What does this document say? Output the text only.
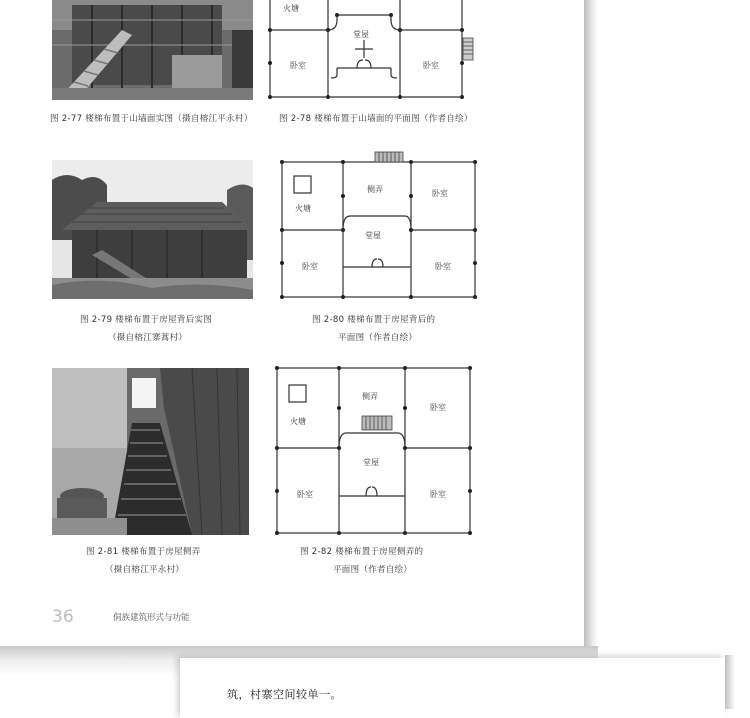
火塘
堂屋
卧室	卧室
图 2-77 楼梯布置于山墙面实图（摄自榕江平永村）	图 2-78 楼梯布置于山墙面的平面图（作者自绘）
火塘
侧弄	卧室
堂屋
卧室	卧室
图 2-79 楼梯布置于房屋背后实图
（摄自榕江寨蒿村）
图 2-80 楼梯布置于房屋背后的
平面图（作者自绘）
火塘
侧弄
卧室
堂屋
卧室	卧室
图 2-81 楼梯布置于房屋侧弄
（摄自榕江平永村）
图 2-82 楼梯布置于房屋侧弄的
平面图（作者自绘）
36	侗族建筑形式与功能
筑，村寨空间较单一。
